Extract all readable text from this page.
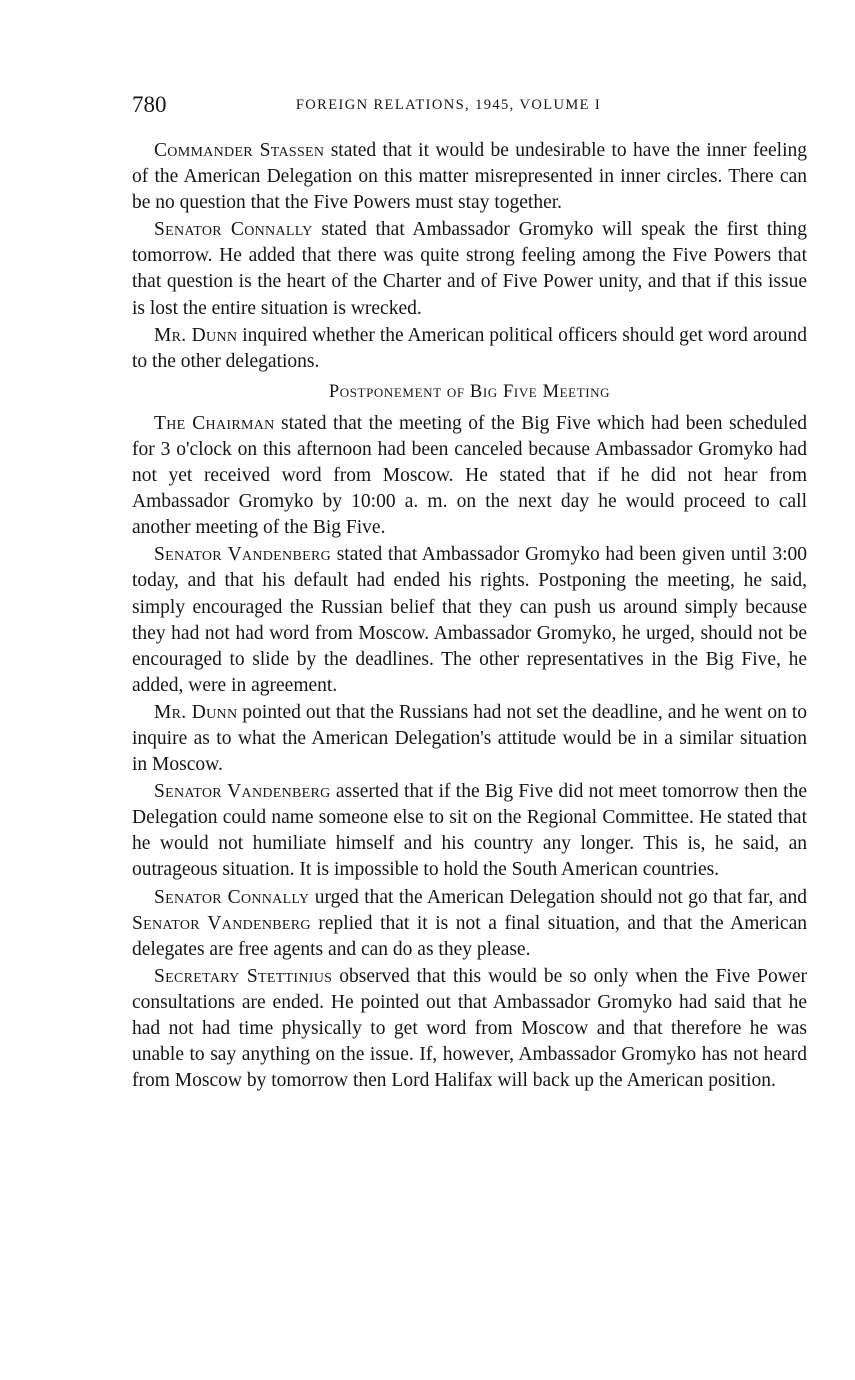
780	FOREIGN RELATIONS, 1945, VOLUME I

Commander Stassen stated that it would be undesirable to have the inner feeling of the American Delegation on this matter misrepresented in inner circles. There can be no question that the Five Powers must stay together.

Senator Connally stated that Ambassador Gromyko will speak the first thing tomorrow. He added that there was quite strong feeling among the Five Powers that that question is the heart of the Charter and of Five Power unity, and that if this issue is lost the entire situation is wrecked.

Mr. Dunn inquired whether the American political officers should get word around to the other delegations.

Postponement of Big Five Meeting

The Chairman stated that the meeting of the Big Five which had been scheduled for 3 o'clock on this afternoon had been canceled because Ambassador Gromyko had not yet received word from Moscow. He stated that if he did not hear from Ambassador Gromyko by 10:00 a. m. on the next day he would proceed to call another meeting of the Big Five.

Senator Vandenberg stated that Ambassador Gromyko had been given until 3:00 today, and that his default had ended his rights. Postponing the meeting, he said, simply encouraged the Russian belief that they can push us around simply because they had not had word from Moscow. Ambassador Gromyko, he urged, should not be encouraged to slide by the deadlines. The other representatives in the Big Five, he added, were in agreement.

Mr. Dunn pointed out that the Russians had not set the deadline, and he went on to inquire as to what the American Delegation's attitude would be in a similar situation in Moscow.

Senator Vandenberg asserted that if the Big Five did not meet tomorrow then the Delegation could name someone else to sit on the Regional Committee. He stated that he would not humiliate himself and his country any longer. This is, he said, an outrageous situation. It is impossible to hold the South American countries.

Senator Connally urged that the American Delegation should not go that far, and Senator Vandenberg replied that it is not a final situation, and that the American delegates are free agents and can do as they please.

Secretary Stettinius observed that this would be so only when the Five Power consultations are ended. He pointed out that Ambassador Gromyko had said that he had not had time physically to get word from Moscow and that therefore he was unable to say anything on the issue. If, however, Ambassador Gromyko has not heard from Moscow by tomorrow then Lord Halifax will back up the American position.
